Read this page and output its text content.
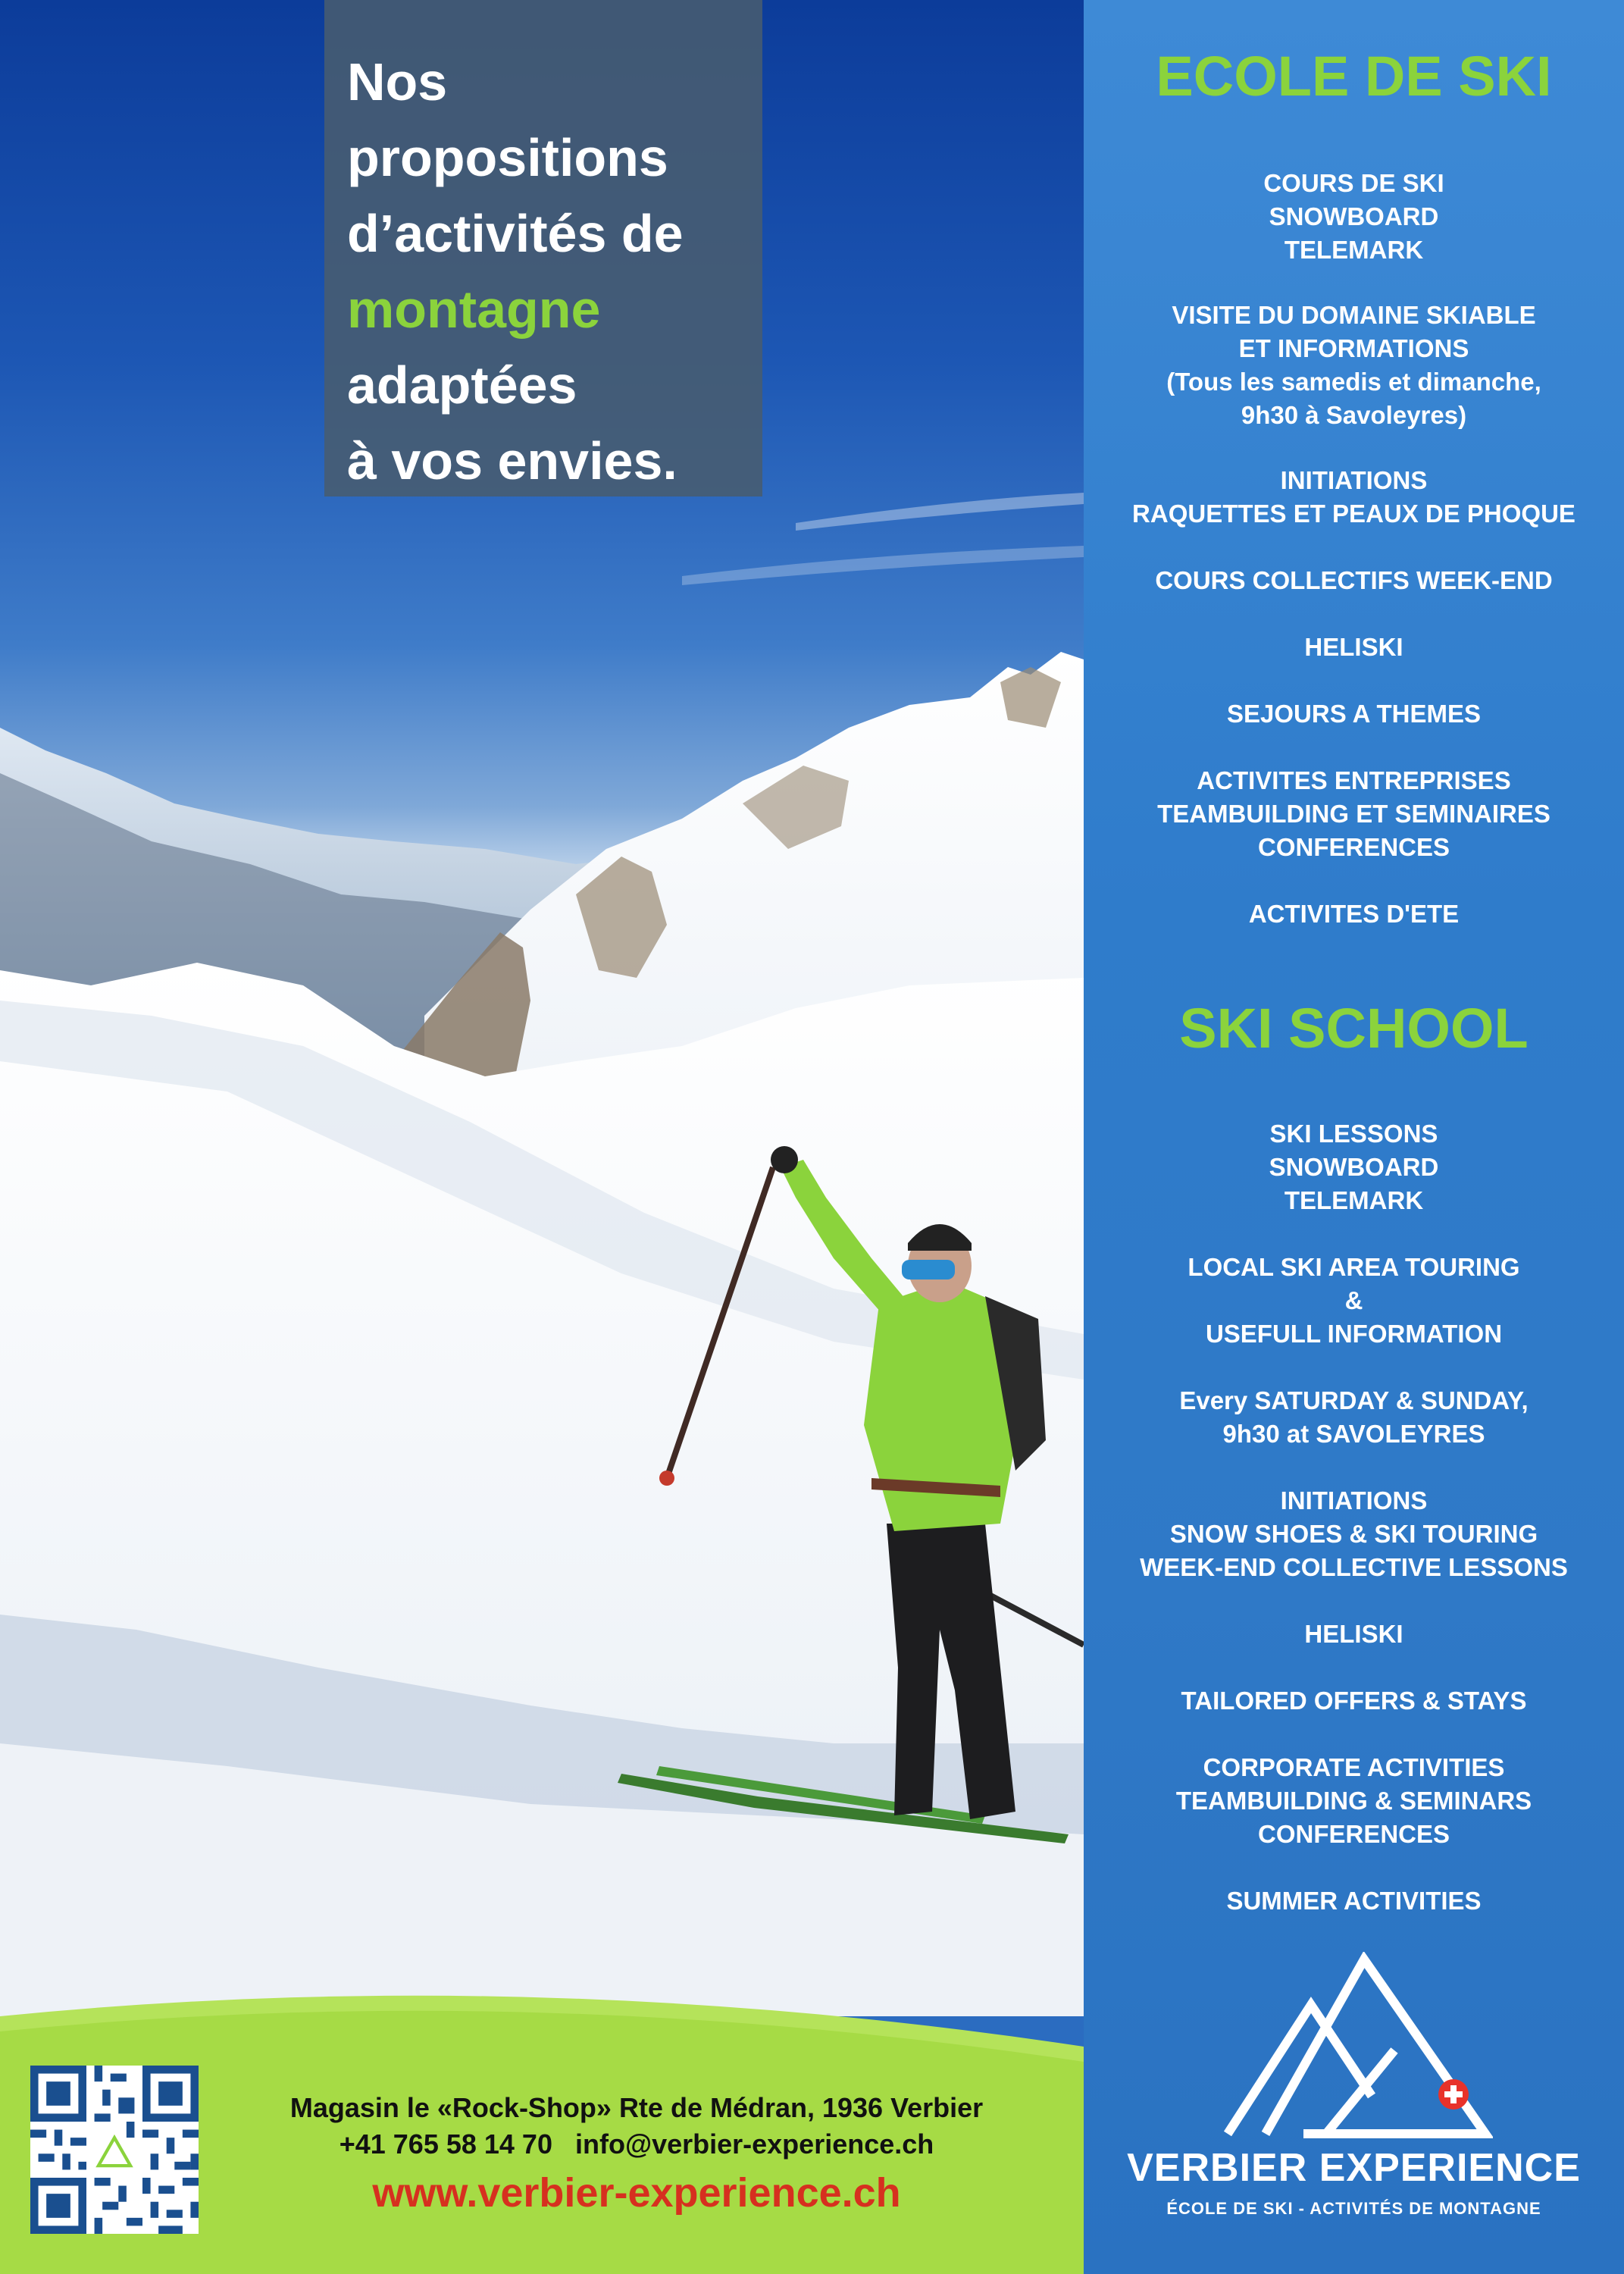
Nos

propositions

d’activités de

montagne

adaptées

à vos envies.

ECOLE DE SKI
COURS DE SKI
SNOWBOARD
TELEMARK
VISITE DU DOMAINE SKIABLE
ET INFORMATIONS
(Tous les samedis et dimanche,
9h30 à Savoleyres)
INITIATIONS
RAQUETTES ET PEAUX DE PHOQUE
COURS COLLECTIFS WEEK-END
HELISKI
SEJOURS A THEMES
ACTIVITES ENTREPRISES
TEAMBUILDING ET SEMINAIRES
CONFERENCES
ACTIVITES D'ETE
SKI SCHOOL
SKI LESSONS
SNOWBOARD
TELEMARK
LOCAL SKI AREA TOURING
&
USEFULL INFORMATION
Every SATURDAY & SUNDAY,
9h30 at SAVOLEYRES
INITIATIONS
SNOW SHOES & SKI TOURING
WEEK-END COLLECTIVE LESSONS
HELISKI
TAILORED OFFERS & STAYS
CORPORATE ACTIVITIES
TEAMBUILDING & SEMINARS
CONFERENCES
SUMMER ACTIVITIES
VERBIER EXPERIENCE
ÉCOLE DE SKI - ACTIVITÉS DE MONTAGNE
Magasin le «Rock-Shop» Rte de Médran, 1936 Verbier
+41 765 58 14 70 info@verbier-experience.ch
www.verbier-experience.ch
